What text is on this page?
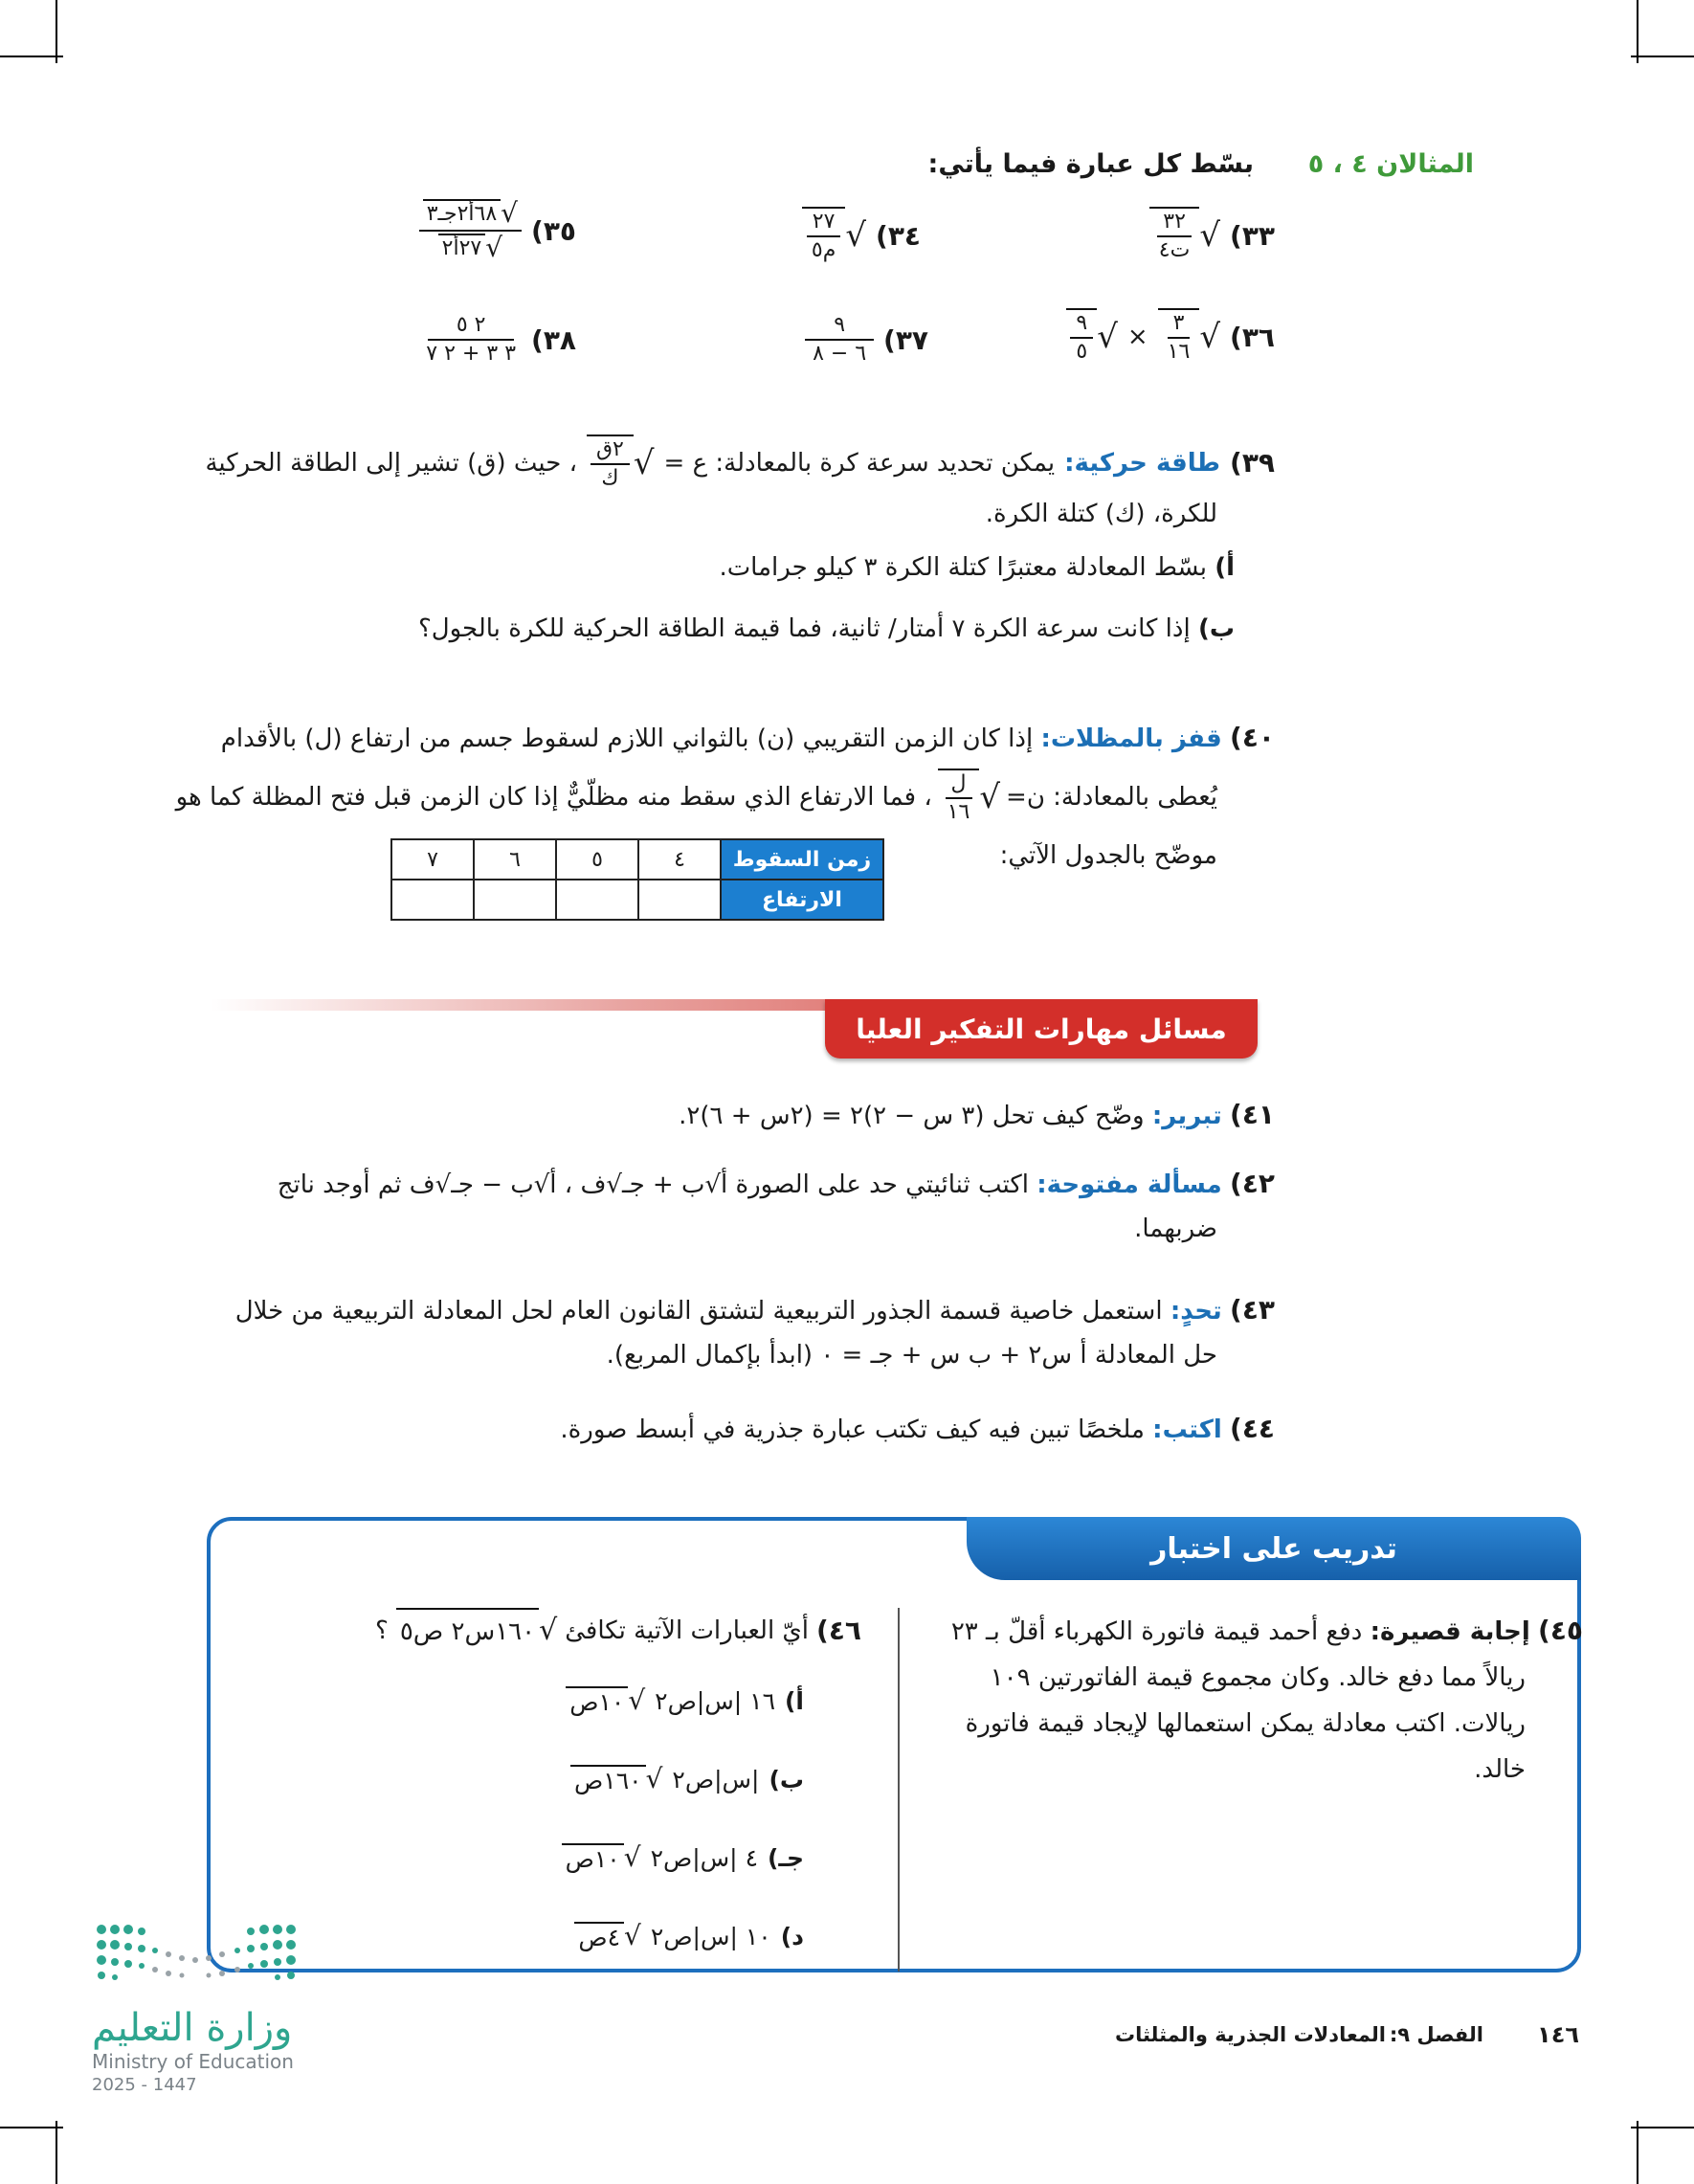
المثالان ٤ ، ٥
بسّط كل عبارة فيما يأتي:
٣٣)
√
$\frac{٣٢}{\text{ت٤}}$
٣٤)
√
$\frac{٢٧}{\text{م٥}}$
٣٥)
√
٦٨أ٢جـ٣
√
٢٧أ٢
٣٦)
√
$\frac{٣}{١٦}$
×
√
$\frac{٩}{٥}$
٣٧)
$\frac{٩}{٦ - ٨}$
٣٨)
$\frac{٢ ٥}{٣ ٣ + ٢ ٧}$
٣٩)
طاقة حركية:
يمكن تحديد سرعة كرة بالمعادلة: ع =
√
$\frac{\text{٢ق}}{\text{ك}}$
، حيث (ق) تشير إلى الطاقة الحركية
للكرة، (ك) كتلة الكرة.
أ) بسّط المعادلة معتبرًا كتلة الكرة ٣ كيلو جرامات.
ب) إذا كانت سرعة الكرة ٧ أمتار/ ثانية، فما قيمة الطاقة الحركية للكرة بالجول؟
٤٠) قفز بالمظلات: إذا كان الزمن التقريبي (ن) بالثواني اللازم لسقوط جسم من ارتفاع (ل) بالأقدام
يُعطى بالمعادلة: ن=
√
$\frac{\text{ل}}{١٦}$
، فما الارتفاع الذي سقط منه مظلّيٌّ إذا كان الزمن قبل فتح المظلة كما هو
موضّح بالجدول الآتي:
زمن السقوط	٤	٥	٦	٧
الارتفاع				
مسائل مهارات التفكير العليا
٤١) تبرير: وضّح كيف تحل (٣ س − ٢)٢ = (٢س + ٦)٢.
٤٢) مسألة مفتوحة: اكتب ثنائيتي حد على الصورة أ√ب + جـ√ف ، أ√ب − جـ√ف ثم أوجد ناتج
ضربهما.
٤٣) تحدٍ: استعمل خاصية قسمة الجذور التربيعية لتشتق القانون العام لحل المعادلة التربيعية من خلال
حل المعادلة أ س٢ + ب س + جـ = ٠ (ابدأ بإكمال المربع).
٤٤) اكتب: ملخصًا تبين فيه كيف تكتب عبارة جذرية في أبسط صورة.
تدريب على اختبار
٤٥) إجابة قصيرة: دفع أحمد قيمة فاتورة الكهرباء أقلّ بـ ٢٣
ريالاً مما دفع خالد. وكان مجموع قيمة الفاتورتين ١٠٩
ريالات. اكتب معادلة يمكن استعمالها لإيجاد قيمة فاتورة
خالد.
٤٦)
أيّ العبارات الآتية تكافئ
√
١٦٠س٢ ص٥
؟
أ)
١٦ |س|ص٢
√
١٠ص
ب)
|س|ص٢
√
١٦٠ص
جـ)
٤ |س|ص٢
√
١٠ص
د)
١٠ |س|ص٢
√
٤ص
وزارة التعليم
Ministry of Education
2025 - 1447
١٤٦
الفصل ٩:
المعادلات الجذرية والمثلثات
